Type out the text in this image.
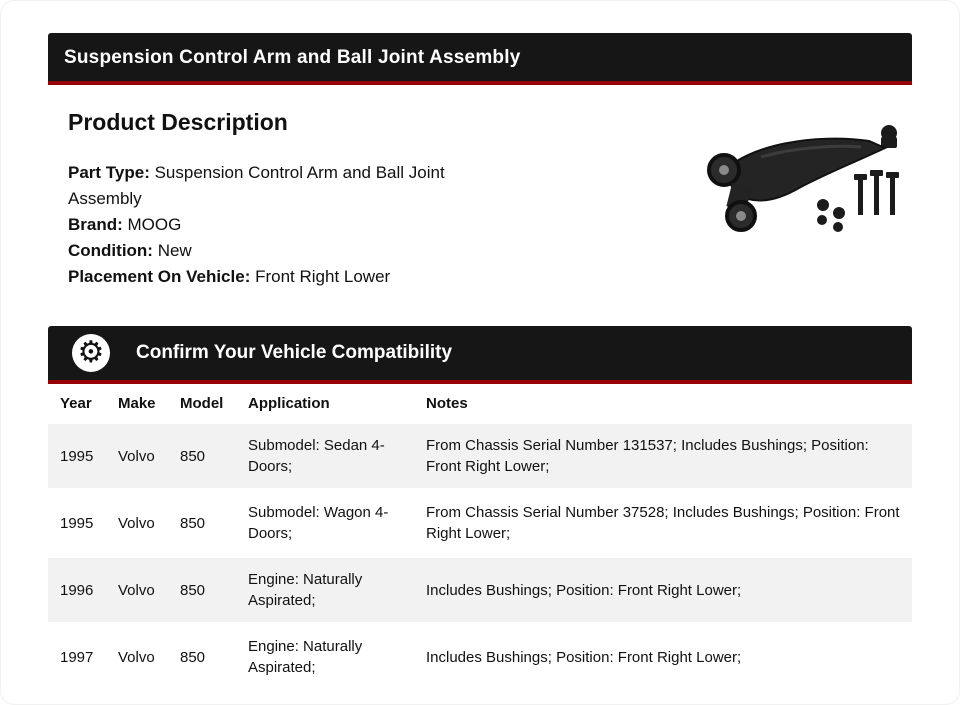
Suspension Control Arm and Ball Joint Assembly
Product Description

Part Type: Suspension Control Arm and Ball Joint Assembly

Brand: MOOG

Condition: New

Placement On Vehicle: Front Right Lower

⚙ Confirm Your Vehicle Compatibility
Year	Make	Model	Application	Notes
1995	Volvo	850	Submodel: Sedan 4-Doors;	From Chassis Serial Number 131537; Includes Bushings; Position: Front Right Lower;
1995	Volvo	850	Submodel: Wagon 4-Doors;	From Chassis Serial Number 37528; Includes Bushings; Position: Front Right Lower;
1996	Volvo	850	Engine: Naturally Aspirated;	Includes Bushings; Position: Front Right Lower;
1997	Volvo	850	Engine: Naturally Aspirated;	Includes Bushings; Position: Front Right Lower;
